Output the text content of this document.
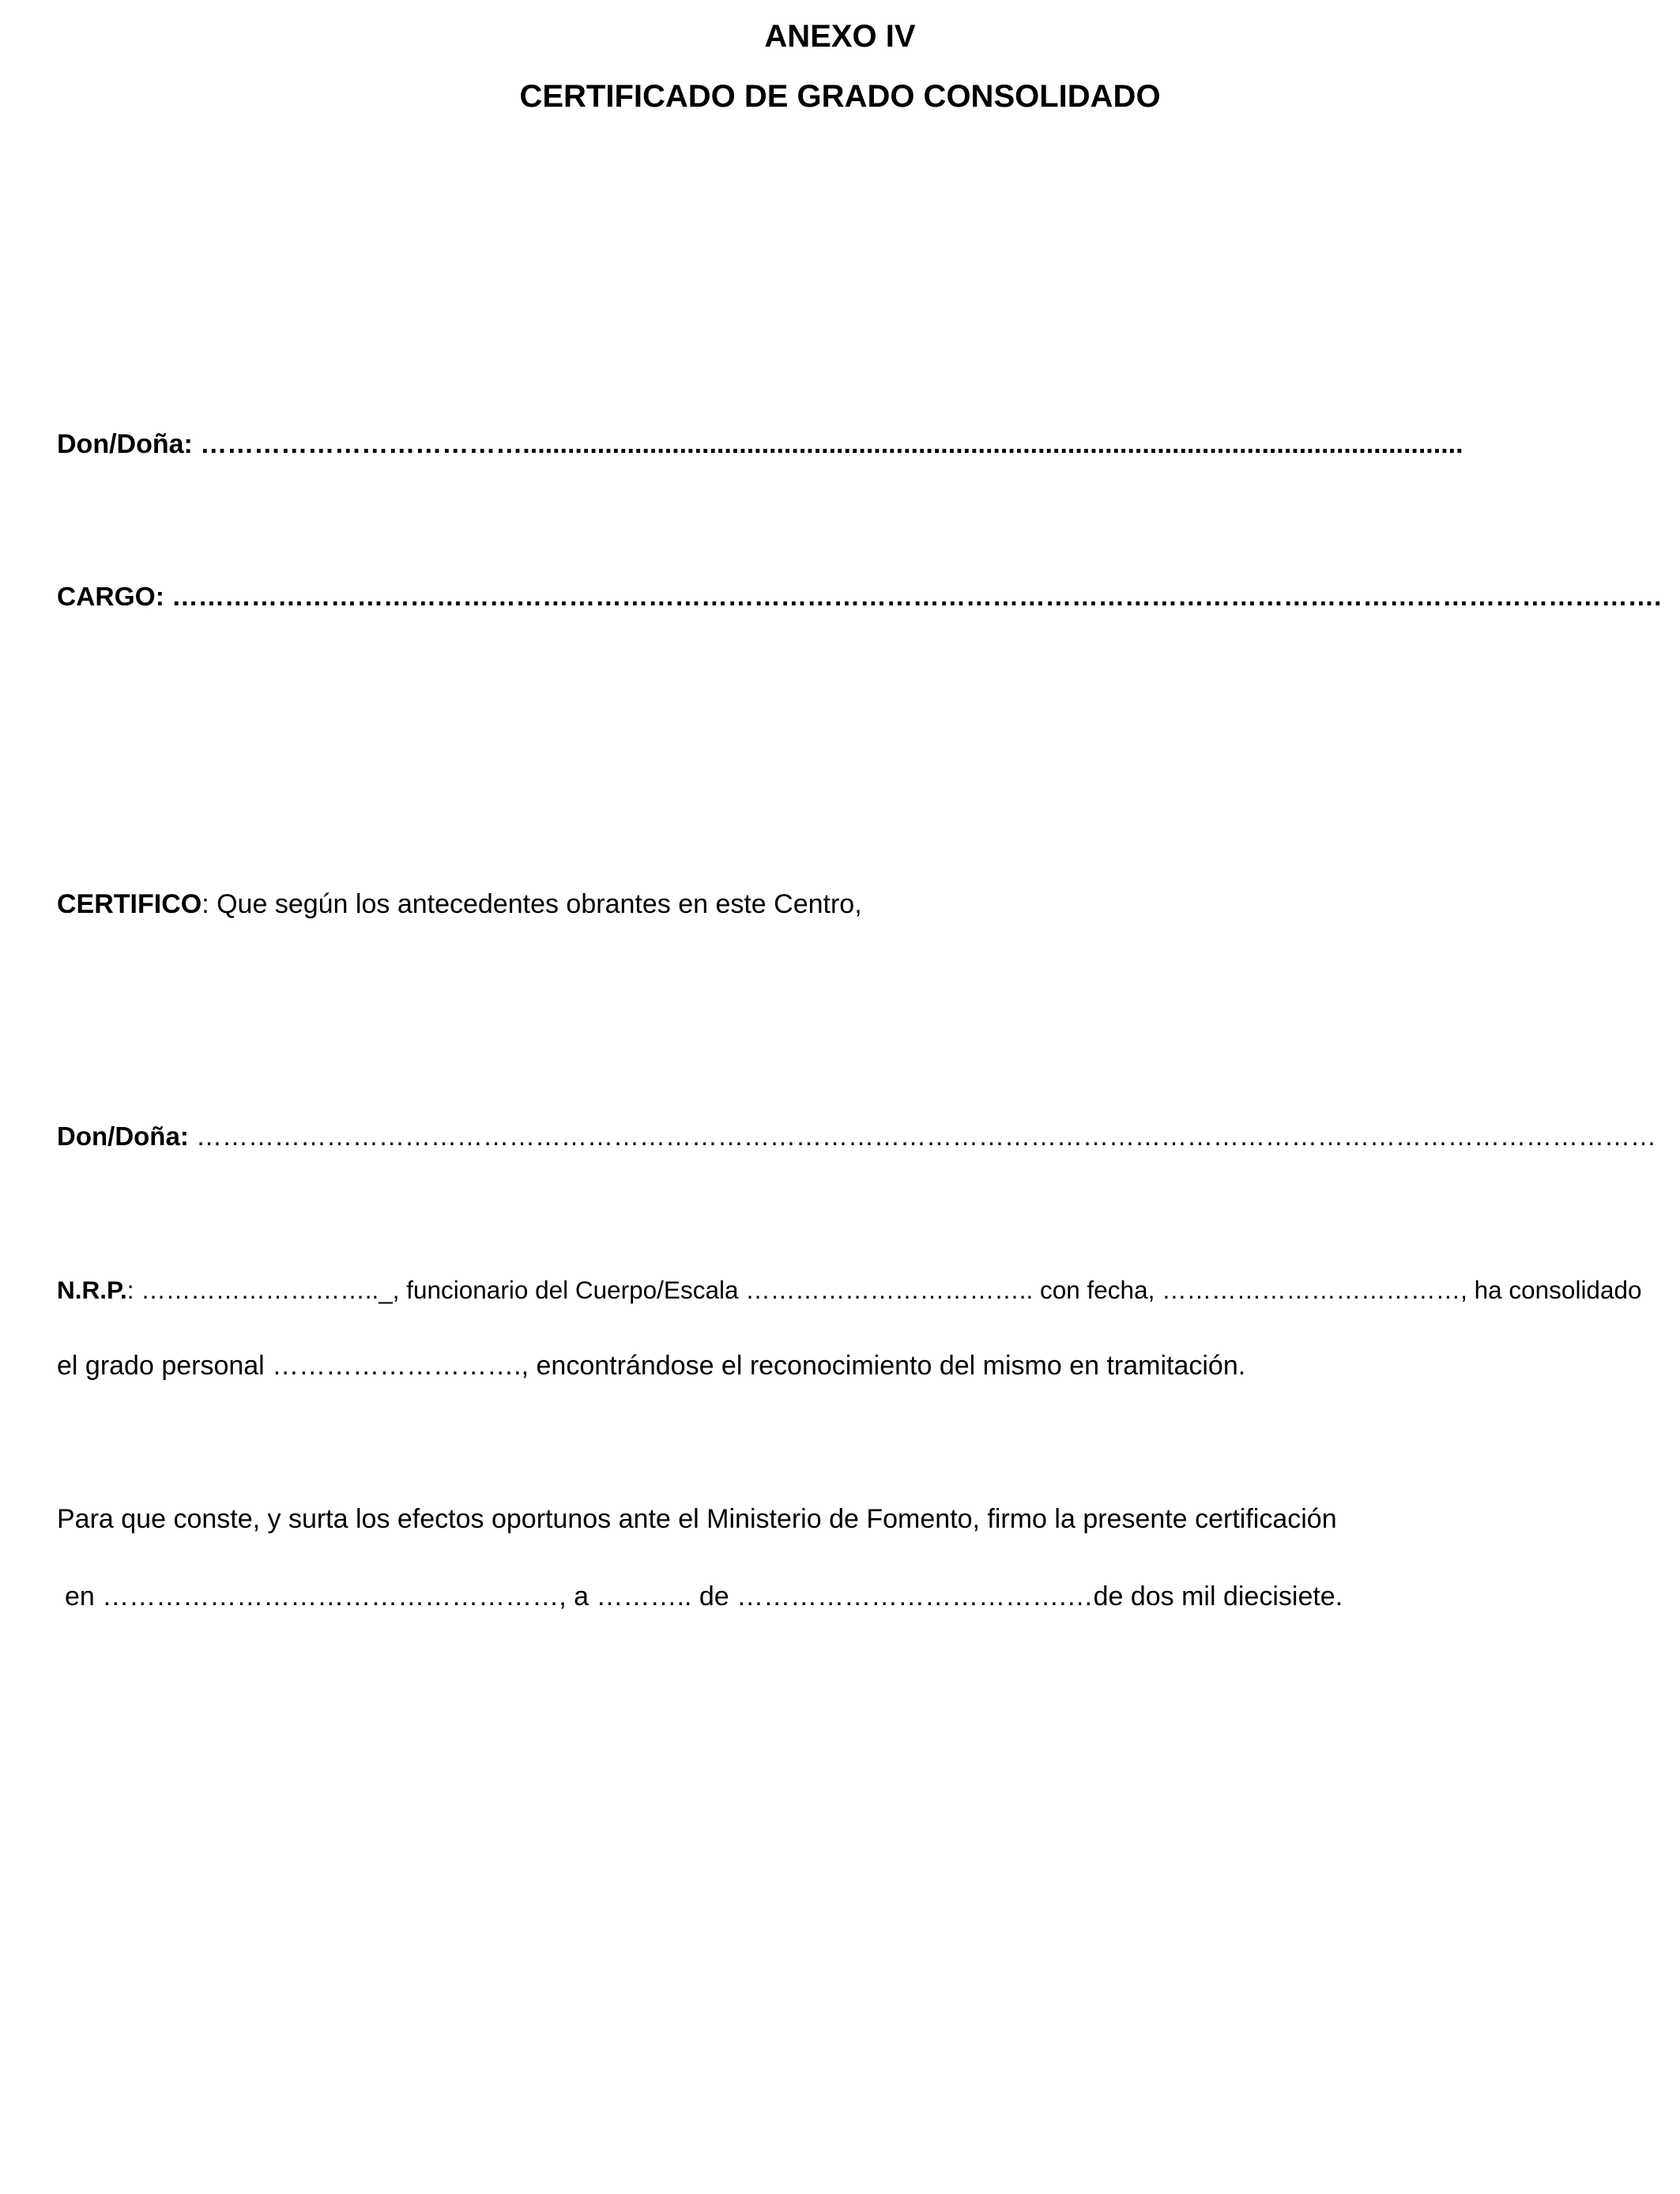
ANEXO IV
CERTIFICADO DE GRADO CONSOLIDADO
Don/Doña: ………………………………..............................................................................................................................
CARGO: …………………………………………………………………………………………………………………………………………………….
CERTIFICO: Que según los antecedentes obrantes en este Centro,
Don/Doña: ……………………………………………………………………………………………………………………………………………………
N.R.P.: ……………………….._, funcionario del Cuerpo/Escala …………………………….. con fecha, ………………………………, ha consolidado
el grado personal ………………………., encontrándose el reconocimiento del mismo en tramitación.
Para que conste, y surta los efectos oportunos ante el Ministerio de Fomento, firmo la presente certificación
en ……………………………………………, a ……….. de ……………………………….…de dos mil diecisiete.
